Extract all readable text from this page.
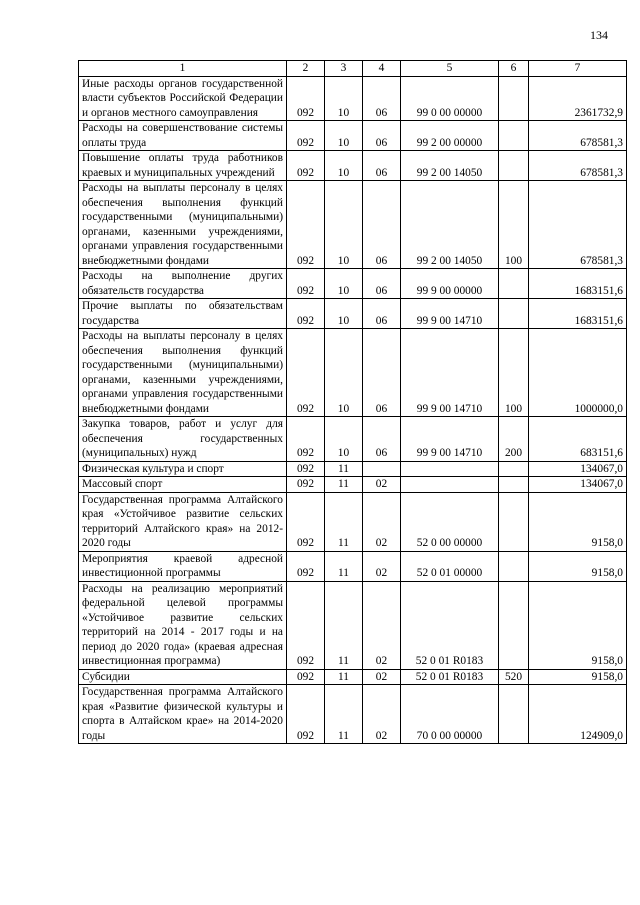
134
1	2	3	4	5	6	7
Иные расходы органов государственной власти субъектов Российской Федерации и органов местного самоуправления	092	10	06	99 0 00 00000		2361732,9
Расходы на совершенствование системы оплаты труда	092	10	06	99 2 00 00000		678581,3
Повышение оплаты труда работников краевых и муниципальных учреждений	092	10	06	99 2 00 14050		678581,3
Расходы на выплаты персоналу в целях обеспечения выполнения функций государственными (муниципальными) органами, казенными учреждениями, органами управления государственными внебюджетными фондами	092	10	06	99 2 00 14050	100	678581,3
Расходы на выполнение других обязательств государства	092	10	06	99 9 00 00000		1683151,6
Прочие выплаты по обязательствам государства	092	10	06	99 9 00 14710		1683151,6
Расходы на выплаты персоналу в целях обеспечения выполнения функций государственными (муниципальными) органами, казенными учреждениями, органами управления государственными внебюджетными фондами	092	10	06	99 9 00 14710	100	1000000,0
Закупка товаров, работ и услуг для обеспечения государственных (муниципальных) нужд	092	10	06	99 9 00 14710	200	683151,6
Физическая культура и спорт	092	11				134067,0
Массовый спорт	092	11	02			134067,0
Государственная программа Алтайского края «Устойчивое развитие сельских территорий Алтайского края» на 2012-2020 годы	092	11	02	52 0 00 00000		9158,0
Мероприятия краевой адресной инвестиционной программы	092	11	02	52 0 01 00000		9158,0
Расходы на реализацию мероприятий федеральной целевой программы «Устойчивое развитие сельских территорий на 2014 - 2017 годы и на период до 2020 года» (краевая адресная инвестиционная программа)	092	11	02	52 0 01 R0183		9158,0
Субсидии	092	11	02	52 0 01 R0183	520	9158,0
Государственная программа Алтайского края «Развитие физической культуры и спорта в Алтайском крае» на 2014-2020 годы	092	11	02	70 0 00 00000		124909,0
